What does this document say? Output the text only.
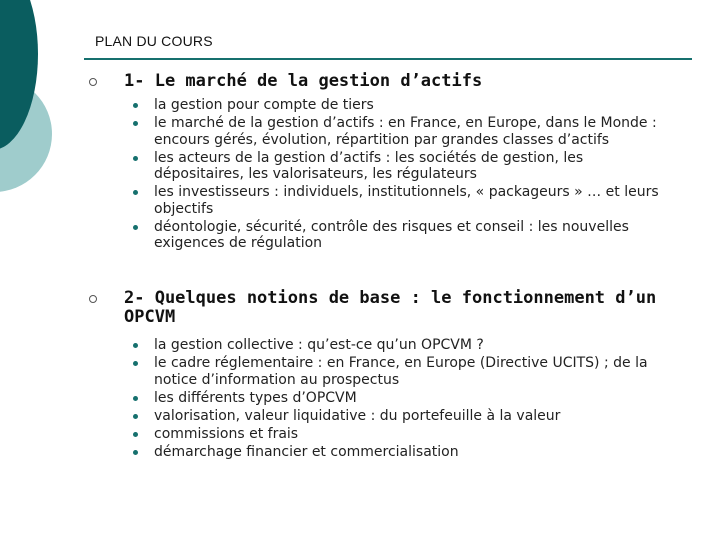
PLAN DU COURS
1- Le marché de la gestion d’actifs
la gestion pour compte de tiers
le marché de la gestion d’actifs : en France, en Europe, dans le Monde : encours gérés, évolution, répartition par grandes classes d’actifs
les acteurs de la gestion d’actifs : les sociétés de gestion, les dépositaires, les valorisateurs, les régulateurs
les investisseurs : individuels, institutionnels, « packageurs » … et leurs objectifs
déontologie, sécurité, contrôle des risques et conseil : les nouvelles exigences de régulation
2- Quelques notions de base : le fonctionnement d’un OPCVM
la gestion collective : qu’est-ce qu’un OPCVM ?
le cadre réglementaire : en France, en Europe (Directive UCITS) ; de la notice d’information au prospectus
les différents types d’OPCVM
valorisation, valeur liquidative : du portefeuille à la valeur
commissions et frais
démarchage financier et commercialisation
